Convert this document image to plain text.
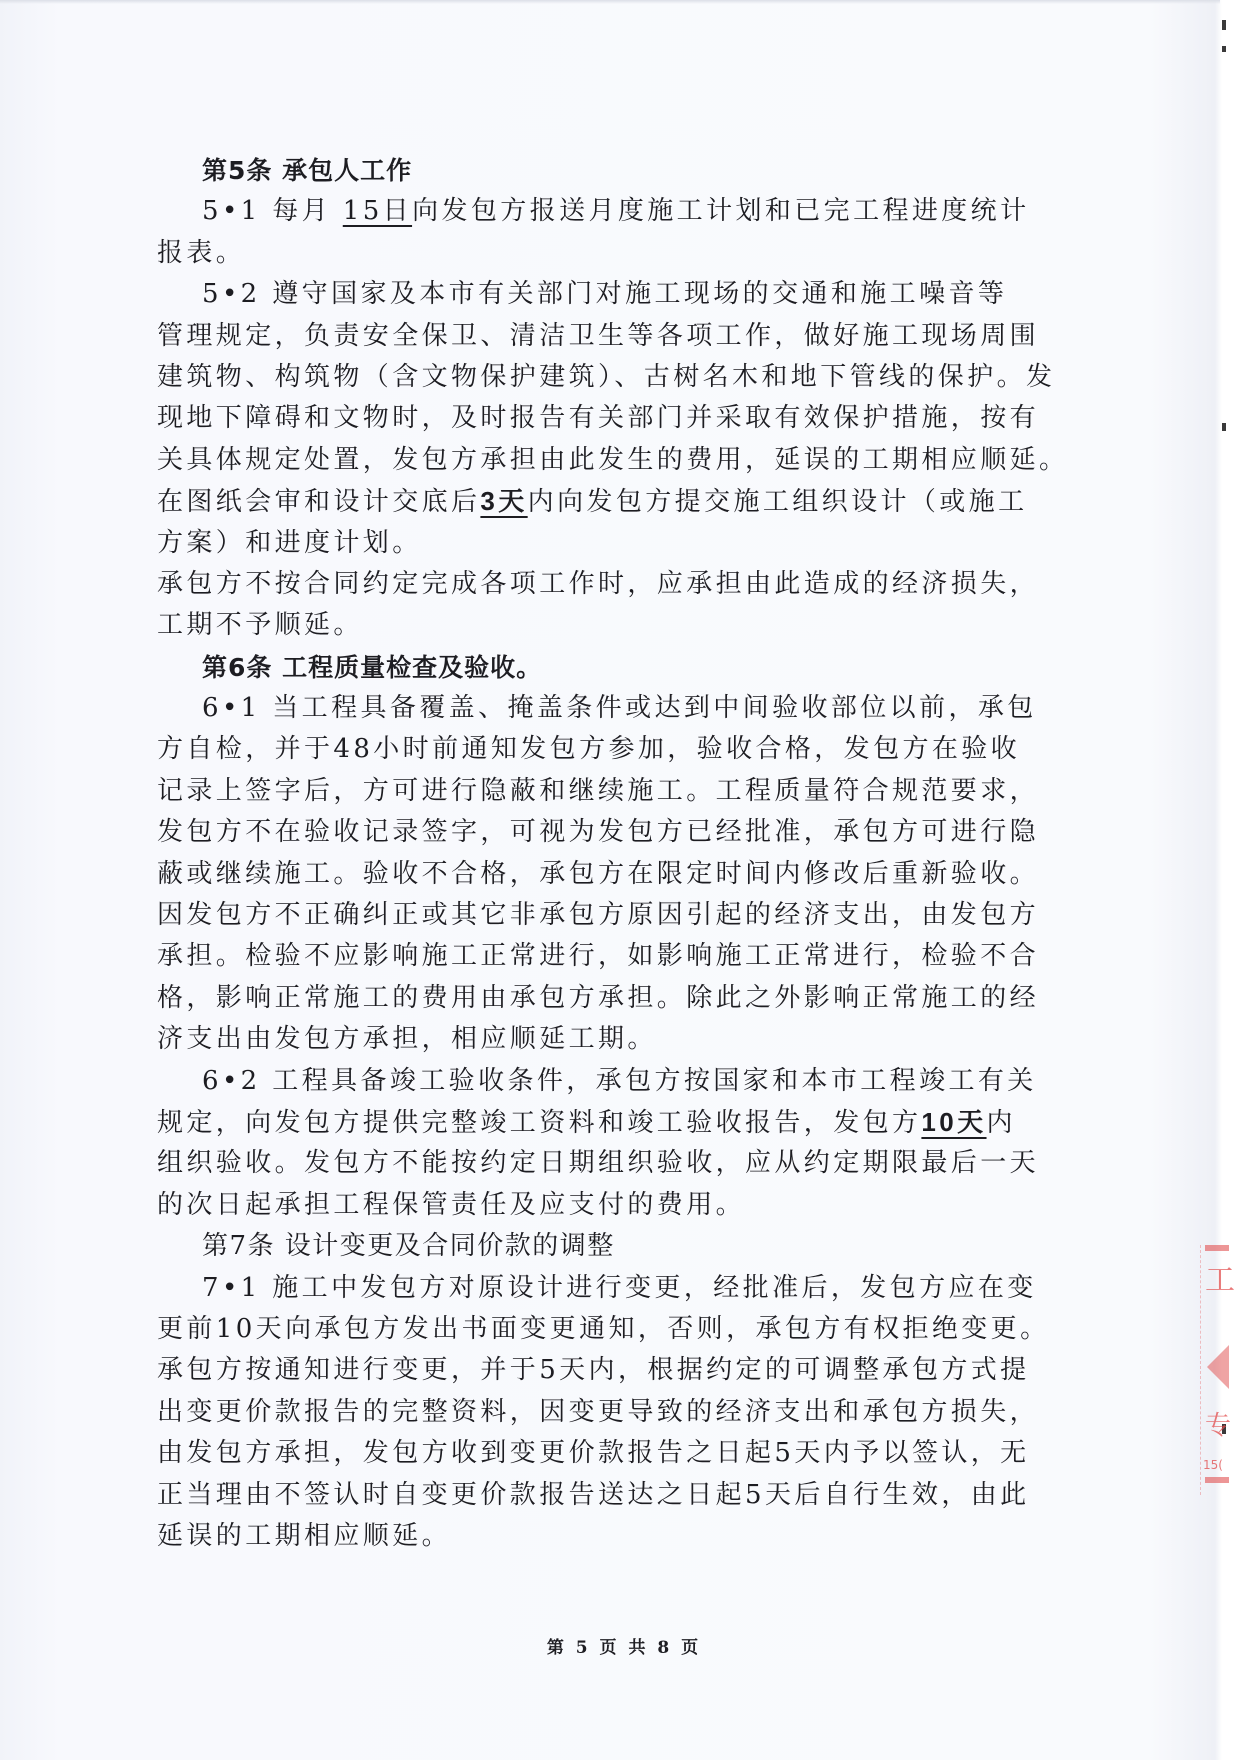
第5条 承包人工作
5•1 每月 15日向发包方报送月度施工计划和已完工程进度统计
报表。
5•2 遵守国家及本市有关部门对施工现场的交通和施工噪音等
管理规定，负责安全保卫、清洁卫生等各项工作，做好施工现场周围
建筑物、构筑物（含文物保护建筑）、古树名木和地下管线的保护。发
现地下障碍和文物时，及时报告有关部门并采取有效保护措施，按有
关具体规定处置，发包方承担由此发生的费用，延误的工期相应顺延。
在图纸会审和设计交底后3天内向发包方提交施工组织设计（或施工
方案）和进度计划。
承包方不按合同约定完成各项工作时，应承担由此造成的经济损失，
工期不予顺延。
第6条 工程质量检查及验收。
6•1 当工程具备覆盖、掩盖条件或达到中间验收部位以前，承包
方自检，并于48小时前通知发包方参加，验收合格，发包方在验收
记录上签字后，方可进行隐蔽和继续施工。工程质量符合规范要求，
发包方不在验收记录签字，可视为发包方已经批准，承包方可进行隐
蔽或继续施工。验收不合格，承包方在限定时间内修改后重新验收。
因发包方不正确纠正或其它非承包方原因引起的经济支出，由发包方
承担。检验不应影响施工正常进行，如影响施工正常进行，检验不合
格，影响正常施工的费用由承包方承担。除此之外影响正常施工的经
济支出由发包方承担，相应顺延工期。
6•2 工程具备竣工验收条件，承包方按国家和本市工程竣工有关
规定，向发包方提供完整竣工资料和竣工验收报告，发包方10天内
组织验收。发包方不能按约定日期组织验收，应从约定期限最后一天
的次日起承担工程保管责任及应支付的费用。
第7条 设计变更及合同价款的调整
7•1 施工中发包方对原设计进行变更，经批准后，发包方应在变
更前10天向承包方发出书面变更通知，否则，承包方有权拒绝变更。
承包方按通知进行变更，并于5天内，根据约定的可调整承包方式提
出变更价款报告的完整资料，因变更导致的经济支出和承包方损失，
由发包方承担，发包方收到变更价款报告之日起5天内予以签认，无
正当理由不签认时自变更价款报告送达之日起5天后自行生效，由此
延误的工期相应顺延。
第 5 页 共 8 页
工
专
15(
